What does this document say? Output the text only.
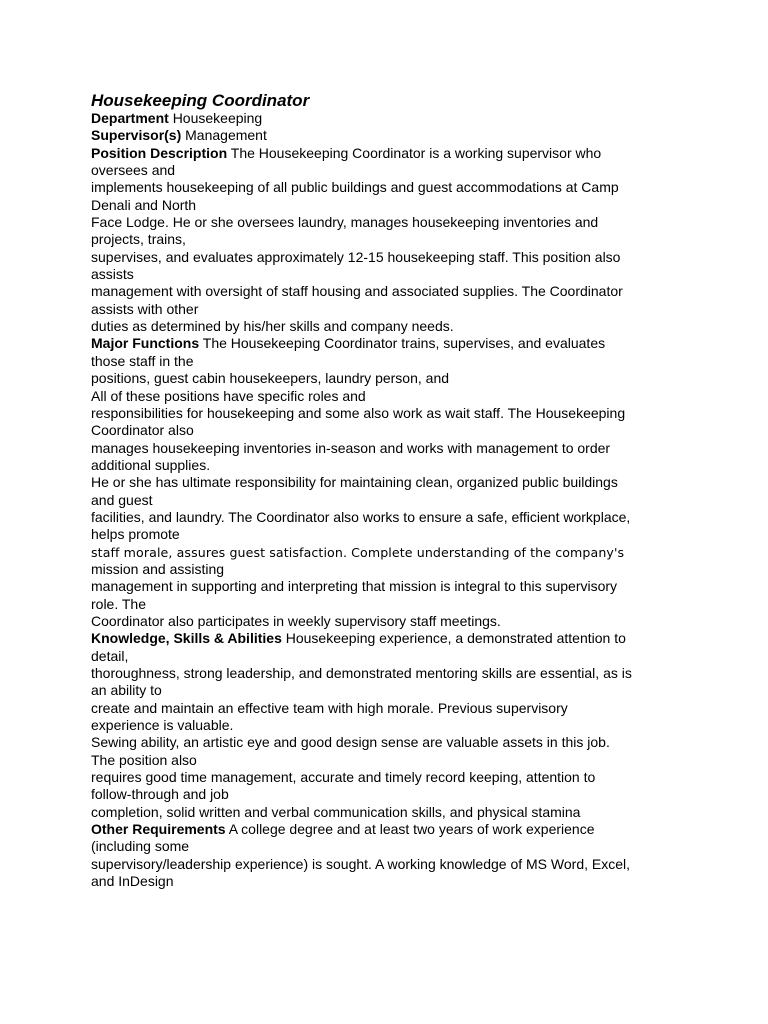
Housekeeping Coordinator
Department Housekeeping
Supervisor(s) Management
Position Description The Housekeeping Coordinator is a working supervisor who
oversees and
implements housekeeping of all public buildings and guest accommodations at Camp
Denali and North
Face Lodge. He or she oversees laundry, manages housekeeping inventories and
projects, trains,
supervises, and evaluates approximately 12-15 housekeeping staff. This position also
assists
management with oversight of staff housing and associated supplies. The Coordinator
assists with other
duties as determined by his/her skills and company needs.
Major Functions The Housekeeping Coordinator trains, supervises, and evaluates
those staff in the
positions, guest cabin housekeepers, laundry person, and
All of these positions have specific roles and
responsibilities for housekeeping and some also work as wait staff. The Housekeeping
Coordinator also
manages housekeeping inventories in-season and works with management to order
additional supplies.
He or she has ultimate responsibility for maintaining clean, organized public buildings
and guest
facilities, and laundry. The Coordinator also works to ensure a safe, efficient workplace,
helps promote
staff morale, assures guest satisfaction. Complete understanding of the company's
mission and assisting
management in supporting and interpreting that mission is integral to this supervisory
role. The
Coordinator also participates in weekly supervisory staff meetings.
Knowledge, Skills & Abilities Housekeeping experience, a demonstrated attention to
detail,
thoroughness, strong leadership, and demonstrated mentoring skills are essential, as is
an ability to
create and maintain an effective team with high morale. Previous supervisory
experience is valuable.
Sewing ability, an artistic eye and good design sense are valuable assets in this job.
The position also
requires good time management, accurate and timely record keeping, attention to
follow-through and job
completion, solid written and verbal communication skills, and physical stamina
Other Requirements A college degree and at least two years of work experience
(including some
supervisory/leadership experience) is sought. A working knowledge of MS Word, Excel,
and InDesign
